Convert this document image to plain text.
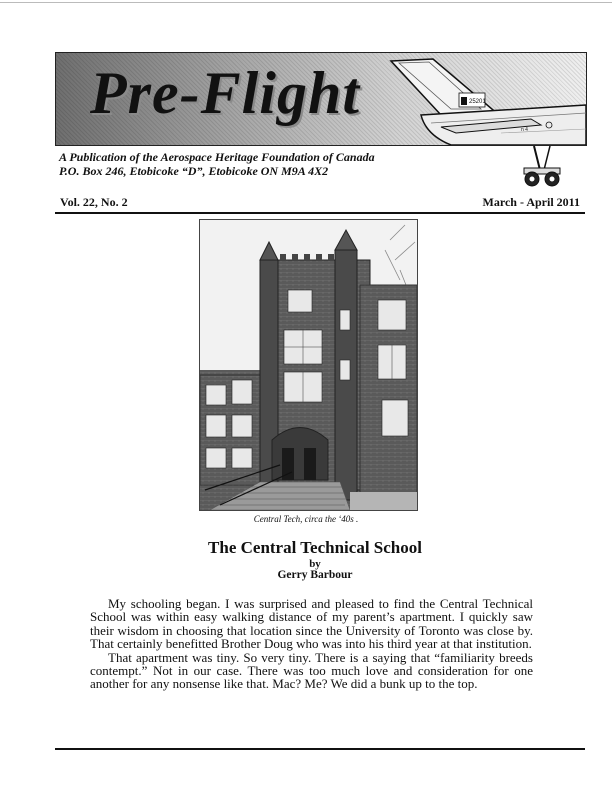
Pre-Flight	25201
n 4
A Publication of the Aerospace Heritage Foundation of Canada
P.O. Box 246, Etobicoke “D”, Etobicoke ON M9A 4X2
Vol. 22, No. 2	March - April 2011
Central Tech, circa the ‘40s .
The Central Technical School
by
Gerry Barbour

My schooling began. I was surprised and pleased to find the Central Technical School was within easy walking distance of my parent’s apartment. I quickly saw their wisdom in choosing that location since the University of Toronto was close by. That certainly benefitted Brother Doug who was into his third year at that institution.

That apartment was tiny. So very tiny. There is a saying that “familiarity breeds contempt.” Not in our case. There was too much love and consideration for one another for any nonsense like that. Mac? Me? We did a bunk up to the top.
